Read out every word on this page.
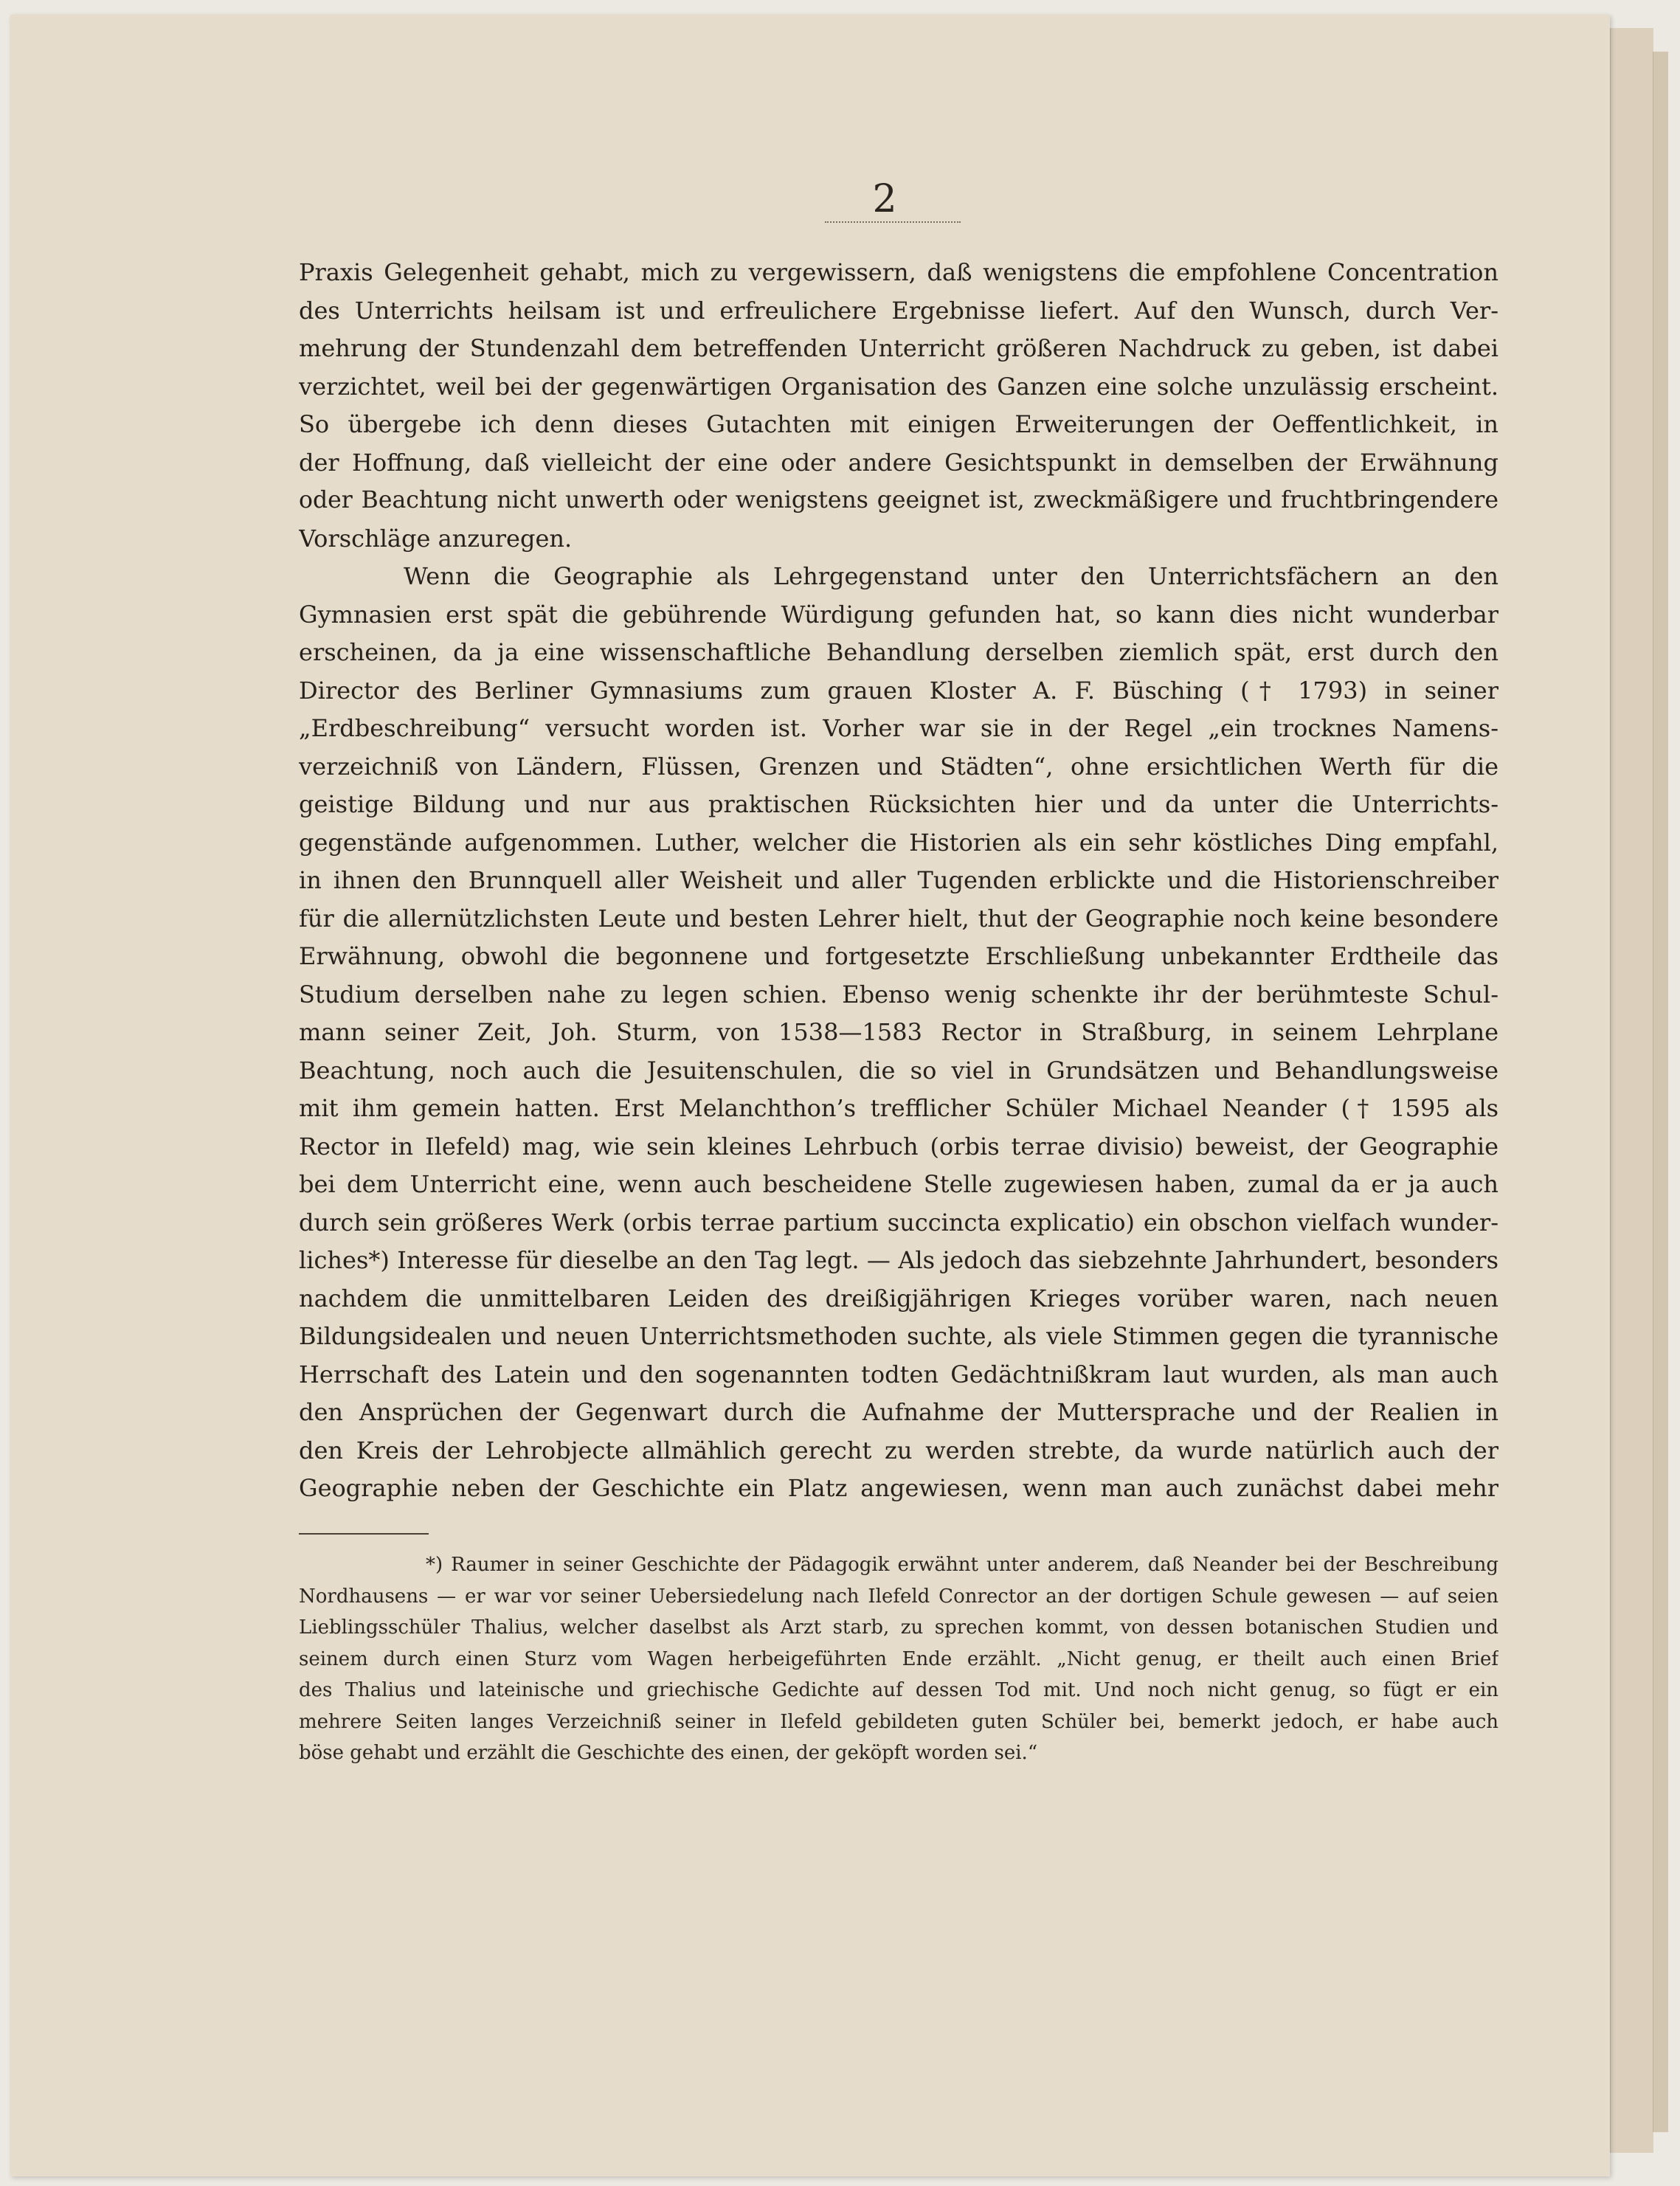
2
Praxis Gelegenheit gehabt, mich zu vergewissern, daß wenigstens die empfohlene Concentration
des Unterrichts heilsam ist und erfreulichere Ergebnisse liefert. Auf den Wunsch, durch Ver-
mehrung der Stundenzahl dem betreffenden Unterricht größeren Nachdruck zu geben, ist dabei
verzichtet, weil bei der gegenwärtigen Organisation des Ganzen eine solche unzulässig erscheint.
So übergebe ich denn dieses Gutachten mit einigen Erweiterungen der Oeffentlichkeit, in
der Hoffnung, daß vielleicht der eine oder andere Gesichtspunkt in demselben der Erwähnung
oder Beachtung nicht unwerth oder wenigstens geeignet ist, zweckmäßigere und fruchtbringendere
Vorschläge anzuregen.
Wenn die Geographie als Lehrgegenstand unter den Unterrichtsfächern an den
Gymnasien erst spät die gebührende Würdigung gefunden hat, so kann dies nicht wunderbar
erscheinen, da ja eine wissenschaftliche Behandlung derselben ziemlich spät, erst durch den
Director des Berliner Gymnasiums zum grauen Kloster A. F. Büsching († 1793) in seiner
„Erdbeschreibung“ versucht worden ist. Vorher war sie in der Regel „ein trocknes Namens-
verzeichniß von Ländern, Flüssen, Grenzen und Städten“, ohne ersichtlichen Werth für die
geistige Bildung und nur aus praktischen Rücksichten hier und da unter die Unterrichts-
gegenstände aufgenommen. Luther, welcher die Historien als ein sehr köstliches Ding empfahl,
in ihnen den Brunnquell aller Weisheit und aller Tugenden erblickte und die Historienschreiber
für die allernützlichsten Leute und besten Lehrer hielt, thut der Geographie noch keine besondere
Erwähnung, obwohl die begonnene und fortgesetzte Erschließung unbekannter Erdtheile das
Studium derselben nahe zu legen schien. Ebenso wenig schenkte ihr der berühmteste Schul-
mann seiner Zeit, Joh. Sturm, von 1538—1583 Rector in Straßburg, in seinem Lehrplane
Beachtung, noch auch die Jesuitenschulen, die so viel in Grundsätzen und Behandlungsweise
mit ihm gemein hatten. Erst Melanchthon’s trefflicher Schüler Michael Neander († 1595 als
Rector in Ilefeld) mag, wie sein kleines Lehrbuch (orbis terrae divisio) beweist, der Geographie
bei dem Unterricht eine, wenn auch bescheidene Stelle zugewiesen haben, zumal da er ja auch
durch sein größeres Werk (orbis terrae partium succincta explicatio) ein obschon vielfach wunder-
liches*) Interesse für dieselbe an den Tag legt. — Als jedoch das siebzehnte Jahrhundert, besonders
nachdem die unmittelbaren Leiden des dreißigjährigen Krieges vorüber waren, nach neuen
Bildungsidealen und neuen Unterrichtsmethoden suchte, als viele Stimmen gegen die tyrannische
Herrschaft des Latein und den sogenannten todten Gedächtnißkram laut wurden, als man auch
den Ansprüchen der Gegenwart durch die Aufnahme der Muttersprache und der Realien in
den Kreis der Lehrobjecte allmählich gerecht zu werden strebte, da wurde natürlich auch der
Geographie neben der Geschichte ein Platz angewiesen, wenn man auch zunächst dabei mehr
*) Raumer in seiner Geschichte der Pädagogik erwähnt unter anderem, daß Neander bei der Beschreibung
Nordhausens — er war vor seiner Uebersiedelung nach Ilefeld Conrector an der dortigen Schule gewesen — auf seien
Lieblingsschüler Thalius, welcher daselbst als Arzt starb, zu sprechen kommt, von dessen botanischen Studien und
seinem durch einen Sturz vom Wagen herbeigeführten Ende erzählt. „Nicht genug, er theilt auch einen Brief
des Thalius und lateinische und griechische Gedichte auf dessen Tod mit. Und noch nicht genug, so fügt er ein
mehrere Seiten langes Verzeichniß seiner in Ilefeld gebildeten guten Schüler bei, bemerkt jedoch, er habe auch
böse gehabt und erzählt die Geschichte des einen, der geköpft worden sei.“
